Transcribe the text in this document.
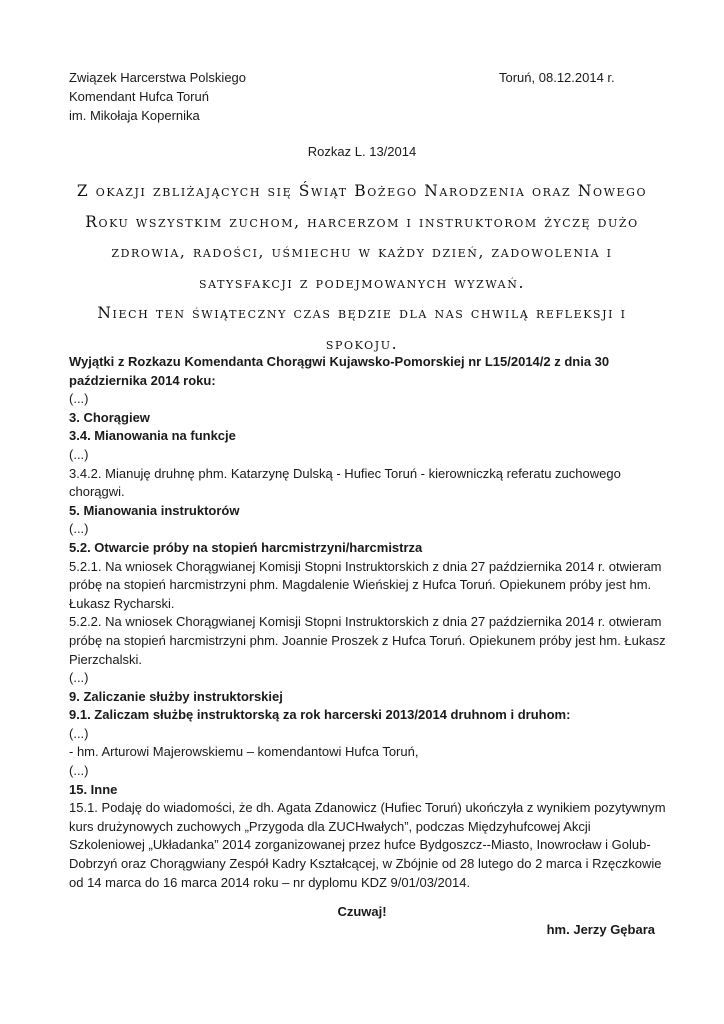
Związek Harcerstwa Polskiego
Komendant Hufca Toruń
im. Mikołaja Kopernika
Toruń, 08.12.2014 r.
Rozkaz L. 13/2014

Z okazji zbliżających się Świąt Bożego Narodzenia oraz Nowego Roku wszystkim zuchom, harcerzom i instruktorom życzę dużo zdrowia, radości, uśmiechu w każdy dzień, zadowolenia i satysfakcji z podejmowanych wyzwań.

Niech ten świąteczny czas będzie dla nas chwilą refleksji i spokoju.

Wyjątki z Rozkazu Komendanta Chorągwi Kujawsko-Pomorskiej nr L15/2014/2 z dnia 30 października 2014 roku:

(...)

3. Chorągiew

3.4. Mianowania na funkcje

(...)

3.4.2. Mianuję druhnę phm. Katarzynę Dulską - Hufiec Toruń - kierowniczką referatu zuchowego chorągwi.

5. Mianowania instruktorów

(...)

5.2. Otwarcie próby na stopień harcmistrzyni/harcmistrza

5.2.1. Na wniosek Chorągwianej Komisji Stopni Instruktorskich z dnia 27 października 2014 r. otwieram próbę na stopień harcmistrzyni phm. Magdalenie Wieńskiej z Hufca Toruń. Opiekunem próby jest hm. Łukasz Rycharski.

5.2.2. Na wniosek Chorągwianej Komisji Stopni Instruktorskich z dnia 27 października 2014 r. otwieram próbę na stopień harcmistrzyni phm. Joannie Proszek z Hufca Toruń. Opiekunem próby jest hm. Łukasz Pierzchalski.

(...)

9. Zaliczanie służby instruktorskiej

9.1. Zaliczam służbę instruktorską za rok harcerski 2013/2014 druhnom i druhom:

(...)

- hm. Arturowi Majerowskiemu – komendantowi Hufca Toruń,

(...)

15. Inne

15.1. Podaję do wiadomości, że dh. Agata Zdanowicz (Hufiec Toruń) ukończyła z wynikiem pozytywnym kurs drużynowych zuchowych „Przygoda dla ZUCHwałych”, podczas Międzyhufcowej Akcji Szkoleniowej „Układanka” 2014 zorganizowanej przez hufce Bydgoszcz--Miasto, Inowrocław i Golub-Dobrzyń oraz Chorągwiany Zespół Kadry Kształcącej, w Zbójnie od 28 lutego do 2 marca i Rzęczkowie od 14 marca do 16 marca 2014 roku – nr dyplomu KDZ 9/01/03/2014.

Czuwaj!
hm. Jerzy Gębara
